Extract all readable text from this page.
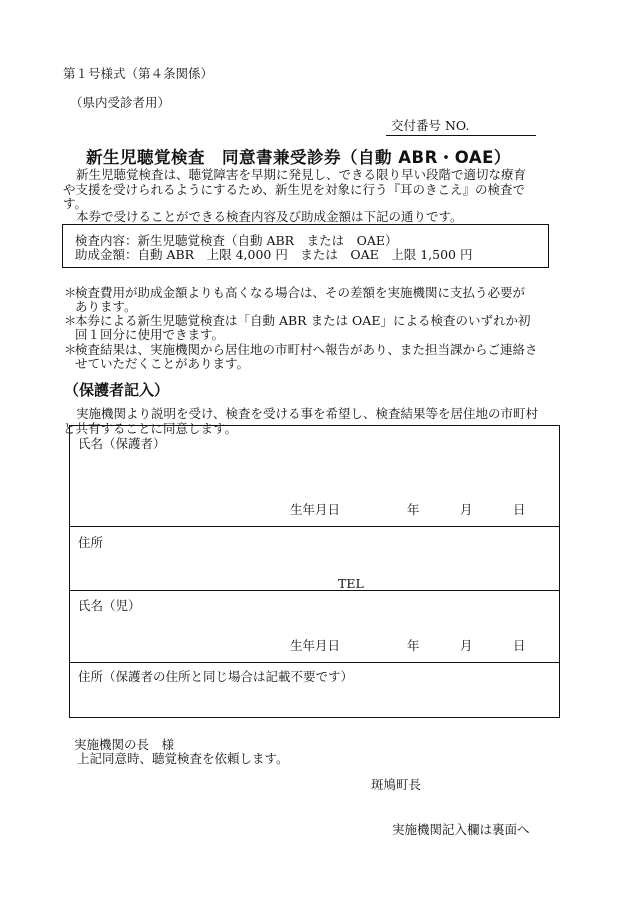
第１号様式（第４条関係）
（県内受診者用）
交付番号 NO.
新生児聴覚検査　同意書兼受診券（自動 ABR・OAE）
新生児聴覚検査は、聴覚障害を早期に発見し、できる限り早い段階で適切な療育
や支援を受けられるようにするため、新生児を対象に行う『耳のきこえ』の検査で
す。
本券で受けることができる検査内容及び助成金額は下記の通りです。
検査内容：新生児聴覚検査（自動 ABR　または　OAE）
助成金額：自動 ABR　上限 4,000 円　または　OAE　上限 1,500 円
＊
検査費用が助成金額よりも高くなる場合は、その差額を実施機関に支払う必要が
あります。
＊
本券による新生児聴覚検査は「自動 ABR または OAE」による検査のいずれか初
回１回分に使用できます。
＊
検査結果は、実施機関から居住地の市町村へ報告があり、また担当課からご連絡さ
せていただくことがあります。
（保護者記入）
実施機関より説明を受け、検査を受ける事を希望し、検査結果等を居住地の市町村
と共有することに同意します。
氏名（保護者）
生年月日	年	月	日
住所
TEL
氏名（児）
生年月日	年	月	日
住所（保護者の住所と同じ場合は記載不要です）
実施機関の長　様
上記同意時、聴覚検査を依頼します。
斑鳩町長
実施機関記入欄は裏面へ
